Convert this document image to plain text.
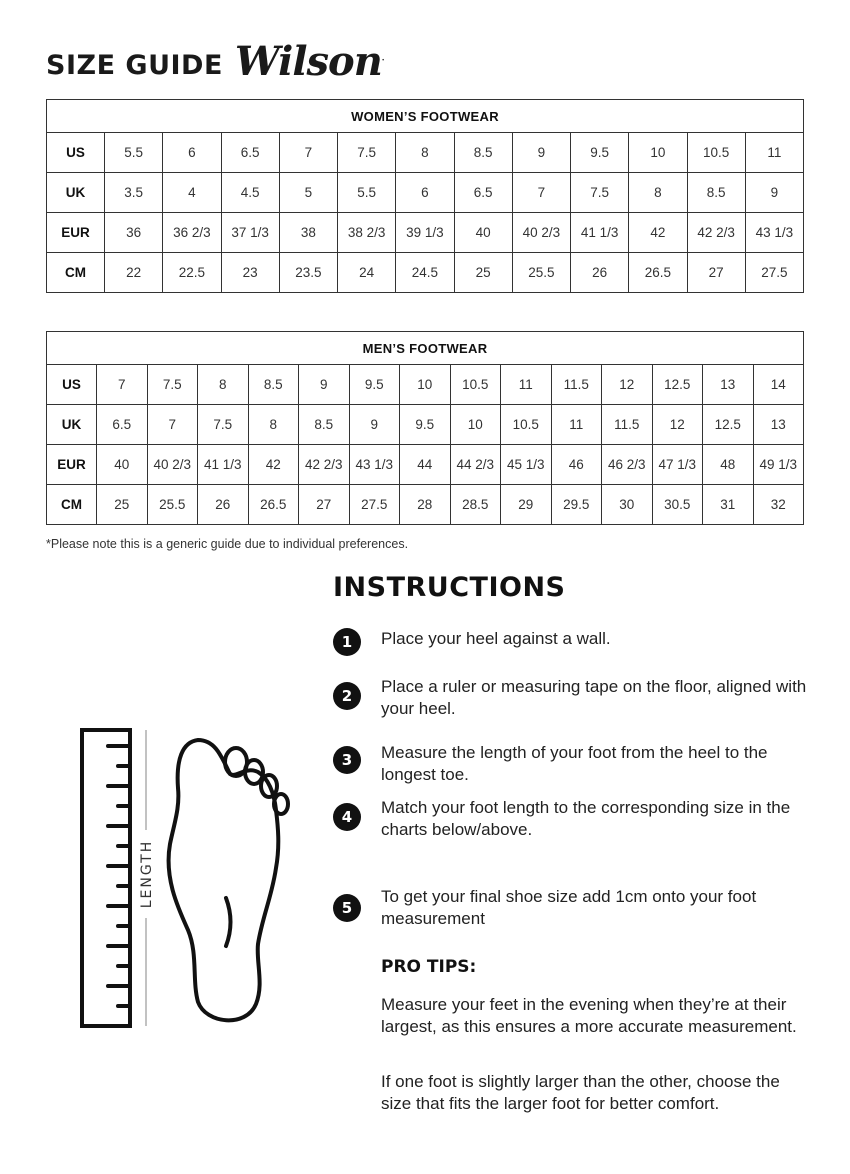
SIZE GUIDE Wilson.
WOMEN’S FOOTWEAR												
US	5.5	6	6.5	7	7.5	8	8.5	9	9.5	10	10.5	11
UK	3.5	4	4.5	5	5.5	6	6.5	7	7.5	8	8.5	9
EUR	36	36 2/3	37 1/3	38	38 2/3	39 1/3	40	40 2/3	41 1/3	42	42 2/3	43 1/3
CM	22	22.5	23	23.5	24	24.5	25	25.5	26	26.5	27	27.5
MEN’S FOOTWEAR														
US	7	7.5	8	8.5	9	9.5	10	10.5	11	11.5	12	12.5	13	14
UK	6.5	7	7.5	8	8.5	9	9.5	10	10.5	11	11.5	12	12.5	13
EUR	40	40 2/3	41 1/3	42	42 2/3	43 1/3	44	44 2/3	45 1/3	46	46 2/3	47 1/3	48	49 1/3
CM	25	25.5	26	26.5	27	27.5	28	28.5	29	29.5	30	30.5	31	32
*Please note this is a generic guide due to individual preferences.
LENGTH
INSTRUCTIONS
1	Place your heel against a wall.
2	Place a ruler or measuring tape on the floor, aligned with your heel.
3	Measure the length of your foot from the heel to the longest toe.
4	Match your foot length to the corresponding size in the charts below/above.
5
To get your final shoe size add 1cm onto your foot measurement
PRO TIPS:
Measure your feet in the evening when they’re at their largest, as this ensures a more accurate measurement.
If one foot is slightly larger than the other, choose the size that fits the larger foot for better comfort.
